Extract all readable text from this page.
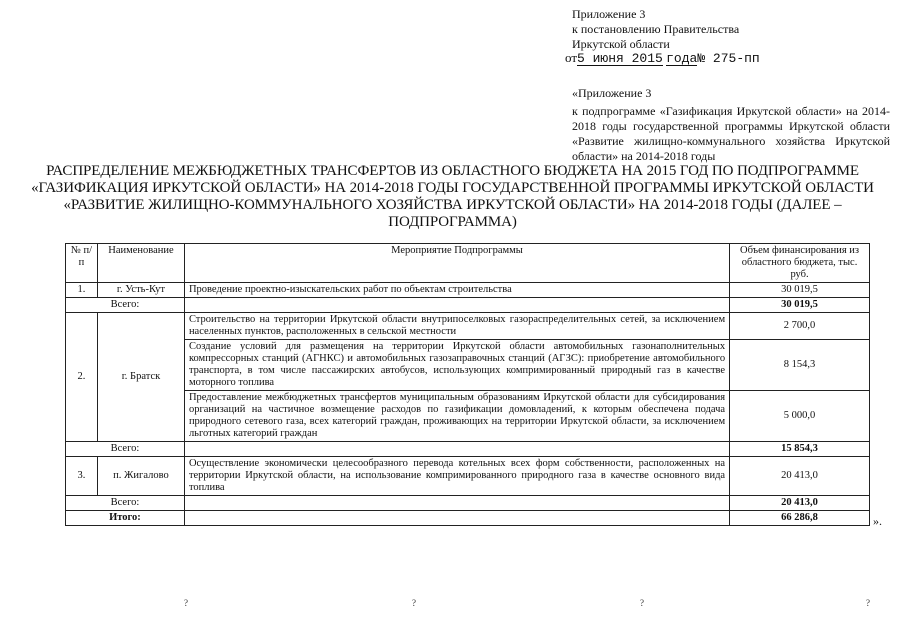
Приложение 3
к постановлению Правительства
Иркутской области
от5 июня 2015 года№ 275-пп

«Приложение 3

к подпрограмме «Газификация Иркутской области» на 2014-2018 годы государственной программы Иркутской области «Развитие жилищно-коммунального хозяйства Иркутской области» на 2014-2018 годы

РАСПРЕДЕЛЕНИЕ МЕЖБЮДЖЕТНЫХ ТРАНСФЕРТОВ ИЗ ОБЛАСТНОГО БЮДЖЕТА НА 2015 ГОД ПО ПОДПРОГРАММЕ «ГАЗИФИКАЦИЯ ИРКУТСКОЙ ОБЛАСТИ» НА 2014-2018 ГОДЫ ГОСУДАРСТВЕННОЙ ПРОГРАММЫ ИРКУТСКОЙ ОБЛАСТИ «РАЗВИТИЕ ЖИЛИЩНО-КОММУНАЛЬНОГО ХОЗЯЙСТВА ИРКУТСКОЙ ОБЛАСТИ» НА 2014-2018 ГОДЫ (ДАЛЕЕ – ПОДПРОГРАММА)
№ п/п	Наименование	Мероприятие Подпрограммы	Объем финансирования из областного бюджета, тыс. руб.
1.	г. Усть-Кут	Проведение проектно-изыскательских работ по объектам строительства	30 019,5
Всего:			30 019,5
2.	г. Братск	Строительство на территории Иркутской области внутрипоселковых газораспределительных сетей, за исключением населенных пунктов, расположенных в сельской местности	2 700,0
		Создание условий для размещения на территории Иркутской области автомобильных газонаполнительных компрессорных станций (АГНКС) и автомобильных газозаправочных станций (АГЗС): приобретение автомобильного транспорта, в том числе пассажирских автобусов, использующих компримированный природный газ в качестве моторного топлива	8 154,3
		Предоставление межбюджетных трансфертов муниципальным образованиям Иркутской области для субсидирования организаций на частичное возмещение расходов по газификации домовладений, к которым обеспечена подача природного сетевого газа, всех категорий граждан, проживающих на территории Иркутской области, за исключением льготных категорий граждан	5 000,0
Всего:			15 854,3
3.	п. Жигалово	Осуществление экономически целесообразного перевода котельных всех форм собственности, расположенных на территории Иркутской области, на использование компримированного природного газа в качестве основного вида топлива	20 413,0
Всего:			20 413,0
Итого:			66 286,8	».
?	?	?	?
